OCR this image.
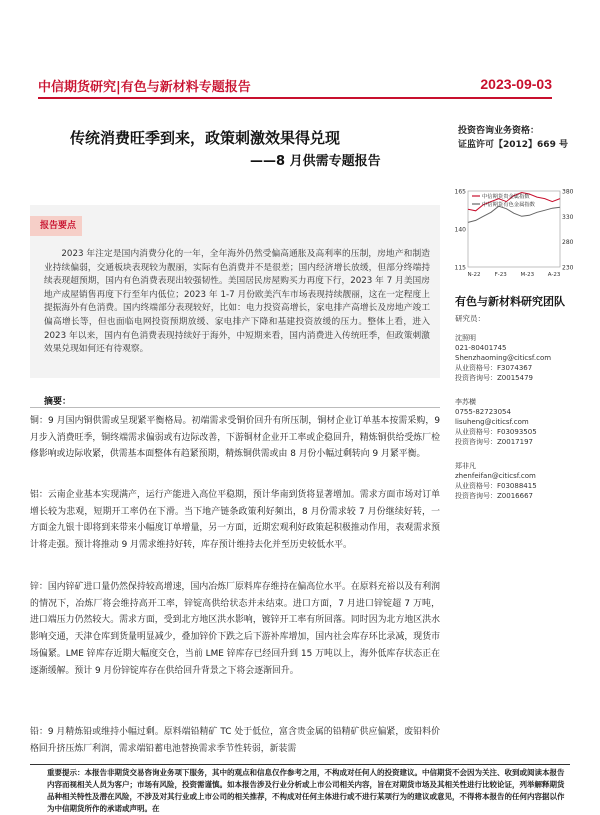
中信期货研究|有色与新材料专题报告	2023-09-03
传统消费旺季到来，政策刺激效果得兑现
——8 月供需专题报告
投资咨询业务资格：
证监许可【2012】669 号
165
140
115
380
330
280
230
N-22	F-23 M-23 A-23
中信期货贵金属指数
中信期货有色金属指数
有色与新材料研究团队
研究员：
沈照明
021-80401745
Shenzhaoming@citicsf.com
从业资格号：F3074367
投资咨询号：Z0015479
李苏横
0755-82723054
lisuheng@citicsf.com
从业资格号：F03093505
投资咨询号：Z0017197
郑非凡
zhenfeifan@citicsf.com
从业资格号：F03088415
投资咨询号：Z0016667
报告要点
2023 年注定是国内消费分化的一年，全年海外仍然受偏高通胀及高利率的压制，房地产和制造业持续偏弱，交通板块表现较为靓丽，实际有色消费并不是很差；国内经济增长放缓，但部分终端持续表现超预期，国内有色消费表现出较强韧性。美国居民房屋购买力再度下行，2023 年 7 月美国房地产成屋销售再度下行至年内低位；2023 年 1-7 月份欧美汽车市场表现持续靓丽，这在一定程度上提振海外有色消费。国内终端部分表现较好，比如：电力投资高增长，家电排产高增长及房地产竣工偏高增长等，但也面临电网投资预期放缓、家电排产下降和基建投资放缓的压力。整体上看，进入 2023 年以来，国内有色消费表现持续好于海外，中短期来看，国内消费进入传统旺季，但政策刺激效果兑现如何还有待观察。
摘要：
铜：9 月国内铜供需或呈现紧平衡格局。初端需求受铜价回升有所压制，铜材企业订单基本按需采购，9 月步入消费旺季，铜终端需求偏弱或有边际改善，下游铜材企业开工率或企稳回升，精炼铜供给受炼厂检修影响或边际收紧，供需基本面整体有趋紧预期，精炼铜供需或由 8 月份小幅过剩转向 9 月紧平衡。
铝：云南企业基本实现满产，运行产能进入高位平稳期，预计华南到货将显著增加。需求方面市场对订单增长较为悲观，短期开工率仍在下滑。当下地产链条政策利好频出，8 月份需求较 7 月份继续好转，一方面金九银十即将到来带来小幅度订单增量，另一方面，近期宏观利好政策起积极推动作用，表观需求预计将走强。预计将推动 9 月需求维持好转，库存预计维持去化并至历史较低水平。
锌：国内锌矿进口量仍然保持较高增速，国内冶炼厂原料库存维持在偏高位水平。在原料充裕以及有利润的情况下，冶炼厂将会维持高开工率，锌锭高供给状态并未结束。进口方面，7 月进口锌锭超 7 万吨，进口端压力仍然较大。需求方面，受到北方地区洪水影响，镀锌开工率有所回落。同时因为北方地区洪水影响交通，天津仓库到货量明显减少，叠加锌价下跌之后下游补库增加，国内社会库存环比录减，现货市场偏紧。LME 锌库存近期大幅度交仓，当前 LME 锌库存已经回升到 15 万吨以上，海外低库存状态正在逐渐缓解。预计 9 月份锌锭库存在供给回升背景之下将会逐渐回升。
铅：9 月精炼铅或维持小幅过剩。原料端铅精矿 TC 处于低位，富含贵金属的铅精矿供应偏紧，废铅料价格回升挤压炼厂利润，需求端铅蓄电池替换需求季节性转弱，新装需
重要提示：本报告非期货交易咨询业务项下服务，其中的观点和信息仅作参考之用，不构成对任何人的投资建议。中信期货不会因为关注、收到或阅读本报告内容而视相关人员为客户；市场有风险，投资需谨慎。如本报告涉及行业分析或上市公司相关内容，旨在对期货市场及其相关性进行比较论证，列举解释期货品种相关特性及潜在风险，不涉及对其行业或上市公司的相关推荐，不构成对任何主体进行或不进行某项行为的建议或意见，不得将本报告的任何内容据以作为中信期货所作的承诺或声明。在
